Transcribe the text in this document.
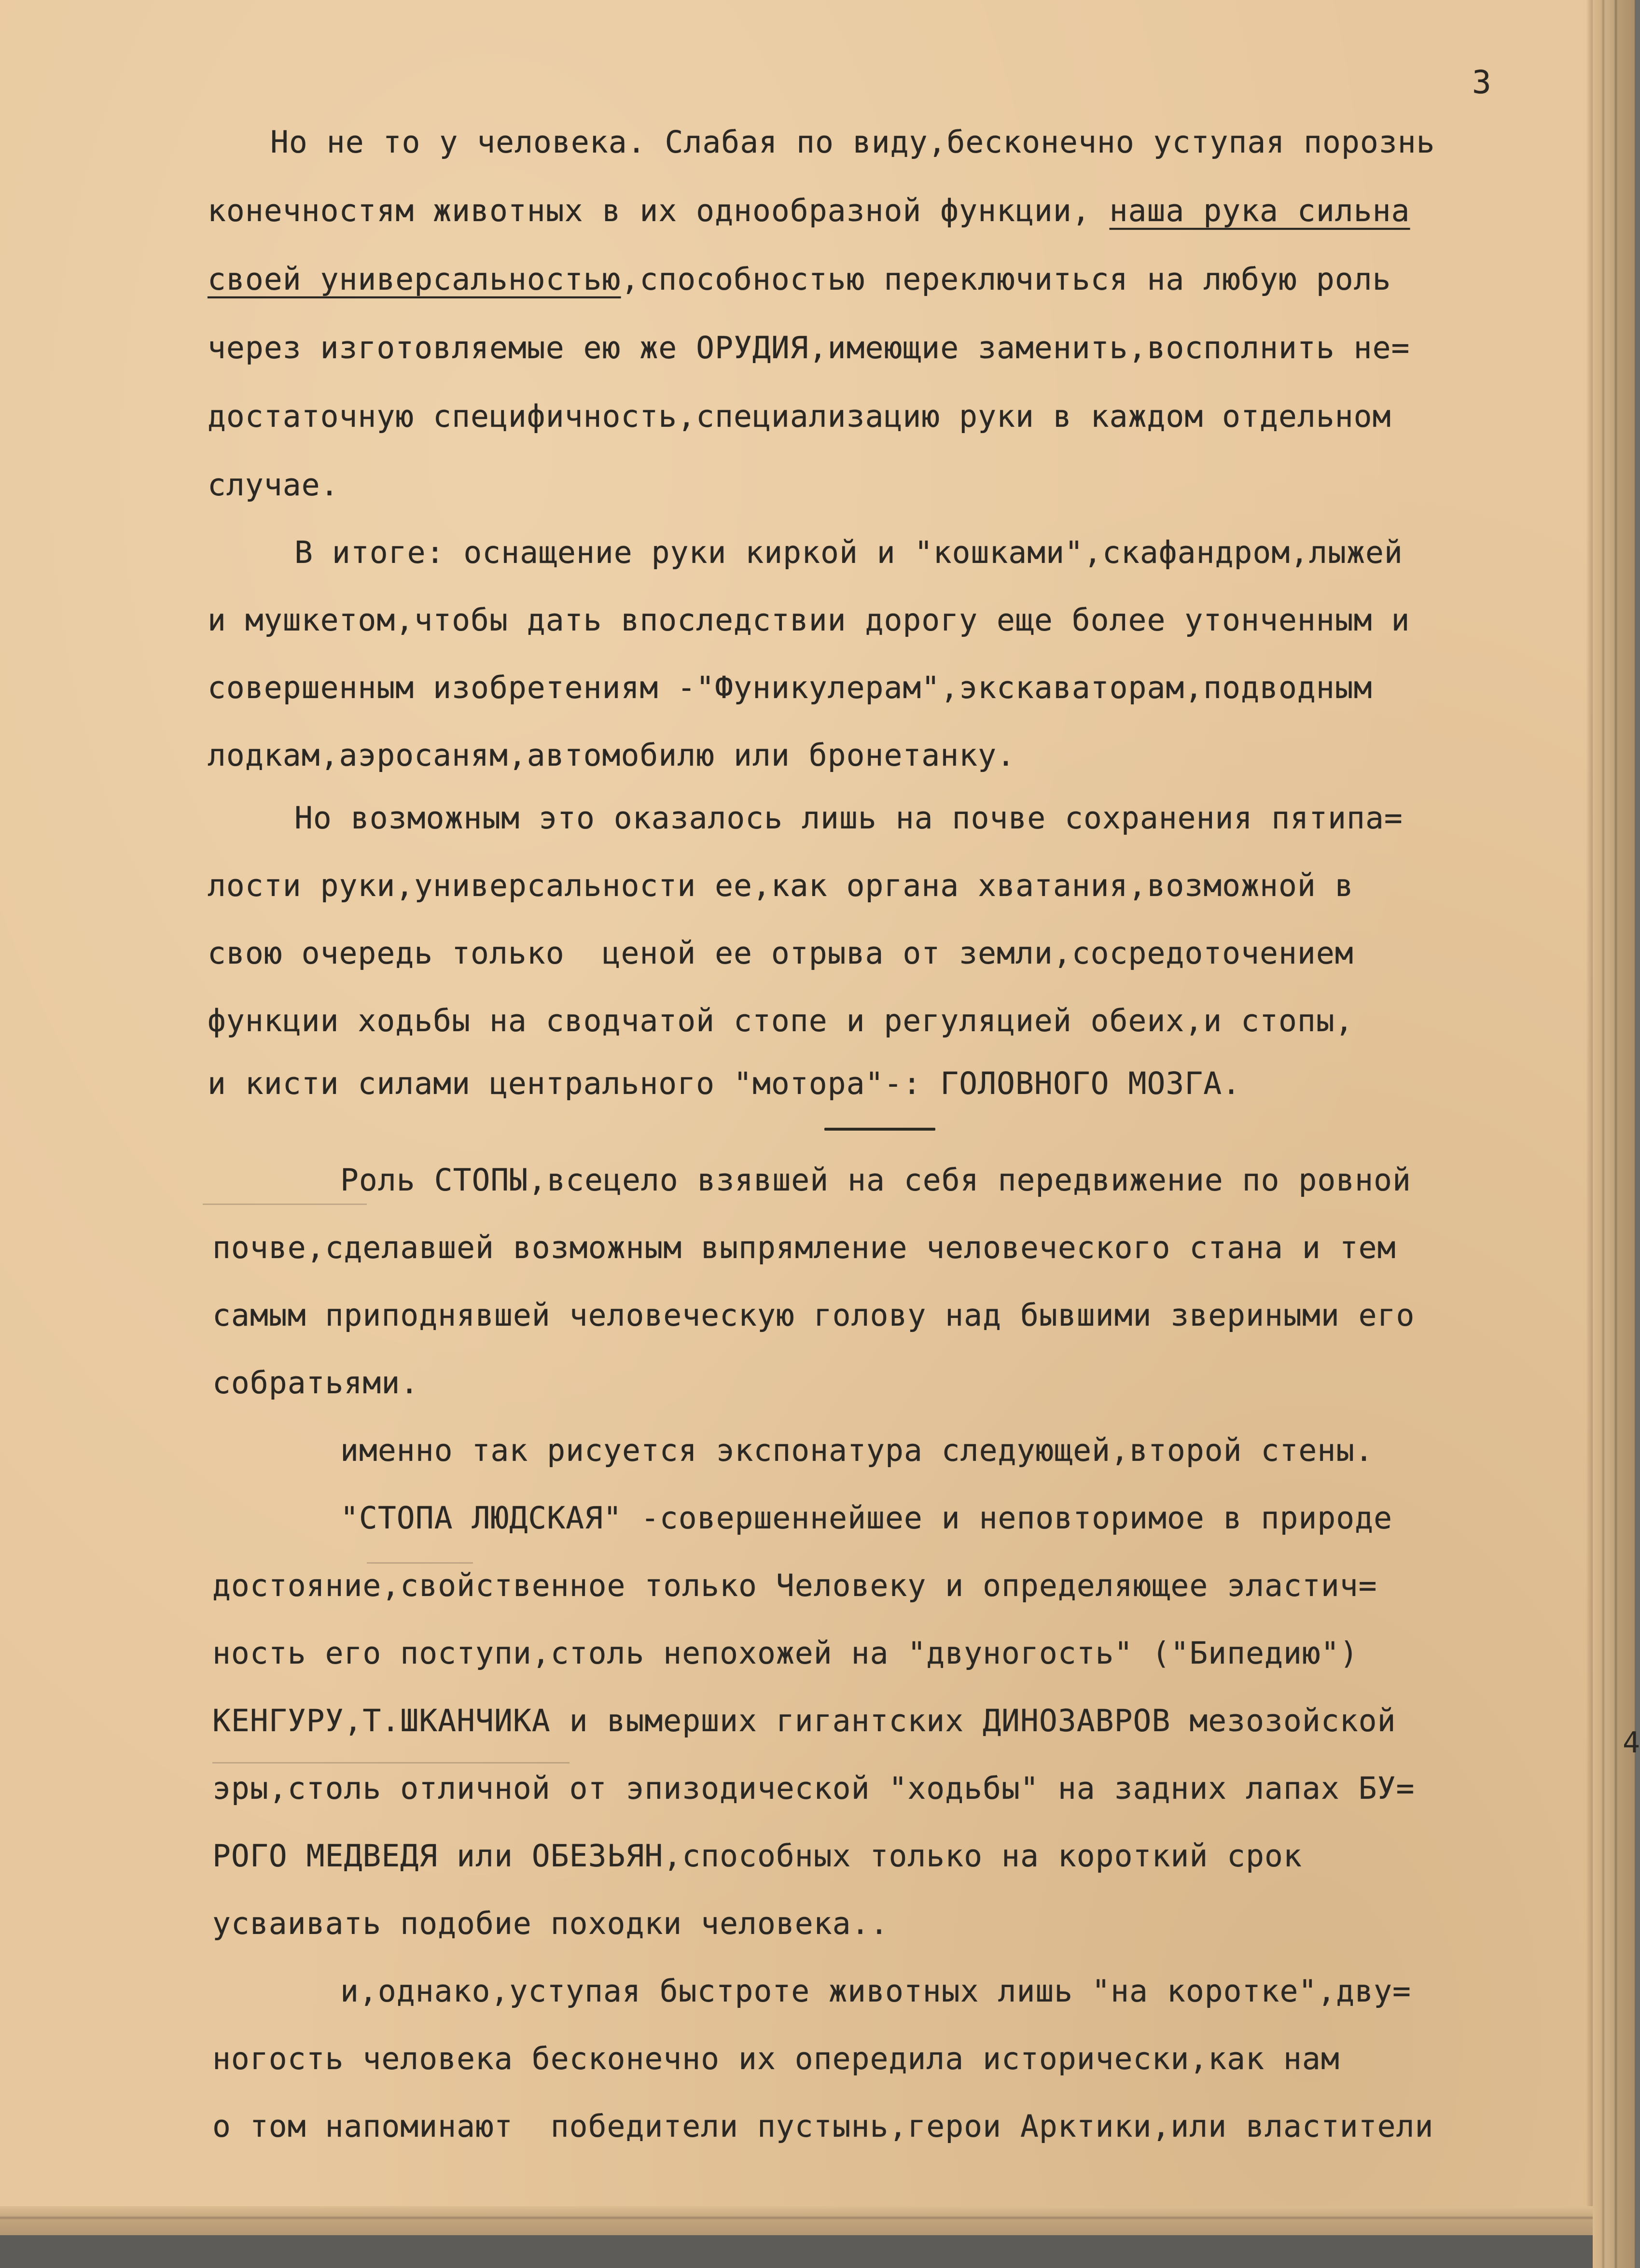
3
Но не то у человека. Слабая по виду,бесконечно уступая порознь
конечностям животных в их однообразной функции, наша рука сильна
своей универсальностью,способностью переключиться на любую роль
через изготовляемые ею же ОРУДИЯ,имеющие заменить,восполнить не=
достаточную специфичность,специализацию руки в каждом отдельном
случае.
В итоге: оснащение руки киркой и "кошками",скафандром,лыжей
и мушкетом,чтобы дать впоследствии дорогу еще более утонченным и
совершенным изобретениям -"Фуникулерам",экскаваторам,подводным
лодкам,аэросаням,автомобилю или бронетанку.
Но возможным это оказалось лишь на почве сохранения пятипа=
лости руки,универсальности ее,как органа хватания,возможной в
свою очередь только  ценой ее отрыва от земли,сосредоточением
функции ходьбы на сводчатой стопе и регуляцией обеих,и стопы,
и кисти силами центрального "мотора"-: ГОЛОВНОГО МОЗГА.
Роль СТОПЫ,всецело взявшей на себя передвижение по ровной
почве,сделавшей возможным выпрямление человеческого стана и тем
самым приподнявшей человеческую голову над бывшими звериными его
собратьями.
именно так рисуется экспонатура следующей,второй стены.
"СТОПА ЛЮДСКАЯ" -совершеннейшее и неповторимое в природе
достояние,свойственное только Человеку и определяющее эластич=
ность его поступи,столь непохожей на "двуногость" ("Бипедию")
КЕНГУРУ,Т.ШКАНЧИКА и вымерших гигантских ДИНОЗАВРОВ мезозойской
эры,столь отличной от эпизодической "ходьбы" на задних лапах БУ=
РОГО МЕДВЕДЯ или ОБЕЗЬЯН,способных только на короткий срок
усваивать подобие походки человека..
и,однако,уступая быстроте животных лишь "на коротке",дву=
ногость человека бесконечно их опередила исторически,как нам
о том напоминают  победители пустынь,герои Арктики,или властители
4
